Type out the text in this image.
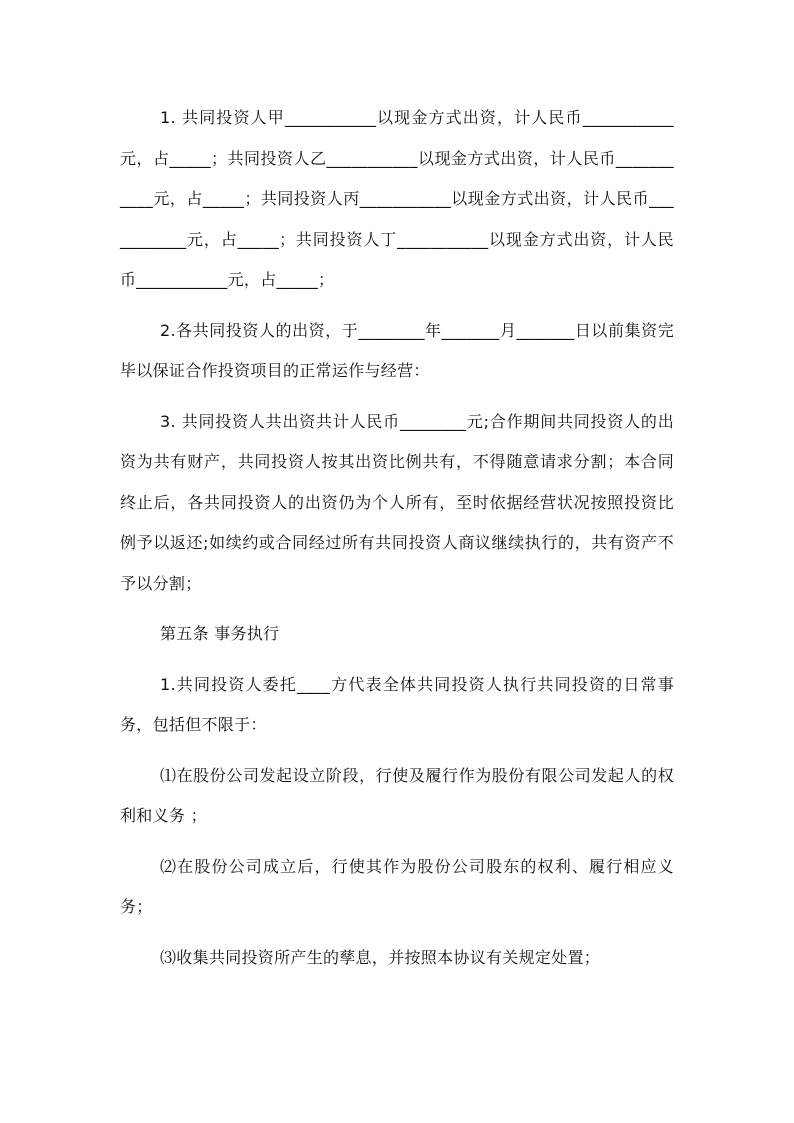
1. 共同投资人甲___________以现金方式出资，计人民币___________元，占_____；共同投资人乙___________以现金方式出资，计人民币___________元，占_____；共同投资人丙___________以现金方式出资，计人民币___________元，占_____；共同投资人丁___________以现金方式出资，计人民币___________元，占_____；

2.各共同投资人的出资，于________年_______月_______日以前集资完毕以保证合作投资项目的正常运作与经营：

3. 共同投资人共出资共计人民币________元;合作期间共同投资人的出资为共有财产，共同投资人按其出资比例共有，不得随意请求分割；本合同终止后，各共同投资人的出资仍为个人所有，至时依据经营状况按照投资比例予以返还;如续约或合同经过所有共同投资人商议继续执行的，共有资产不予以分割；

第五条 事务执行

1.共同投资人委托____方代表全体共同投资人执行共同投资的日常事务，包括但不限于：

⑴在股份公司发起设立阶段，行使及履行作为股份有限公司发起人的权利和义务 ；

⑵在股份公司成立后，行使其作为股份公司股东的权利、履行相应义务；

⑶收集共同投资所产生的孳息，并按照本协议有关规定处置；
